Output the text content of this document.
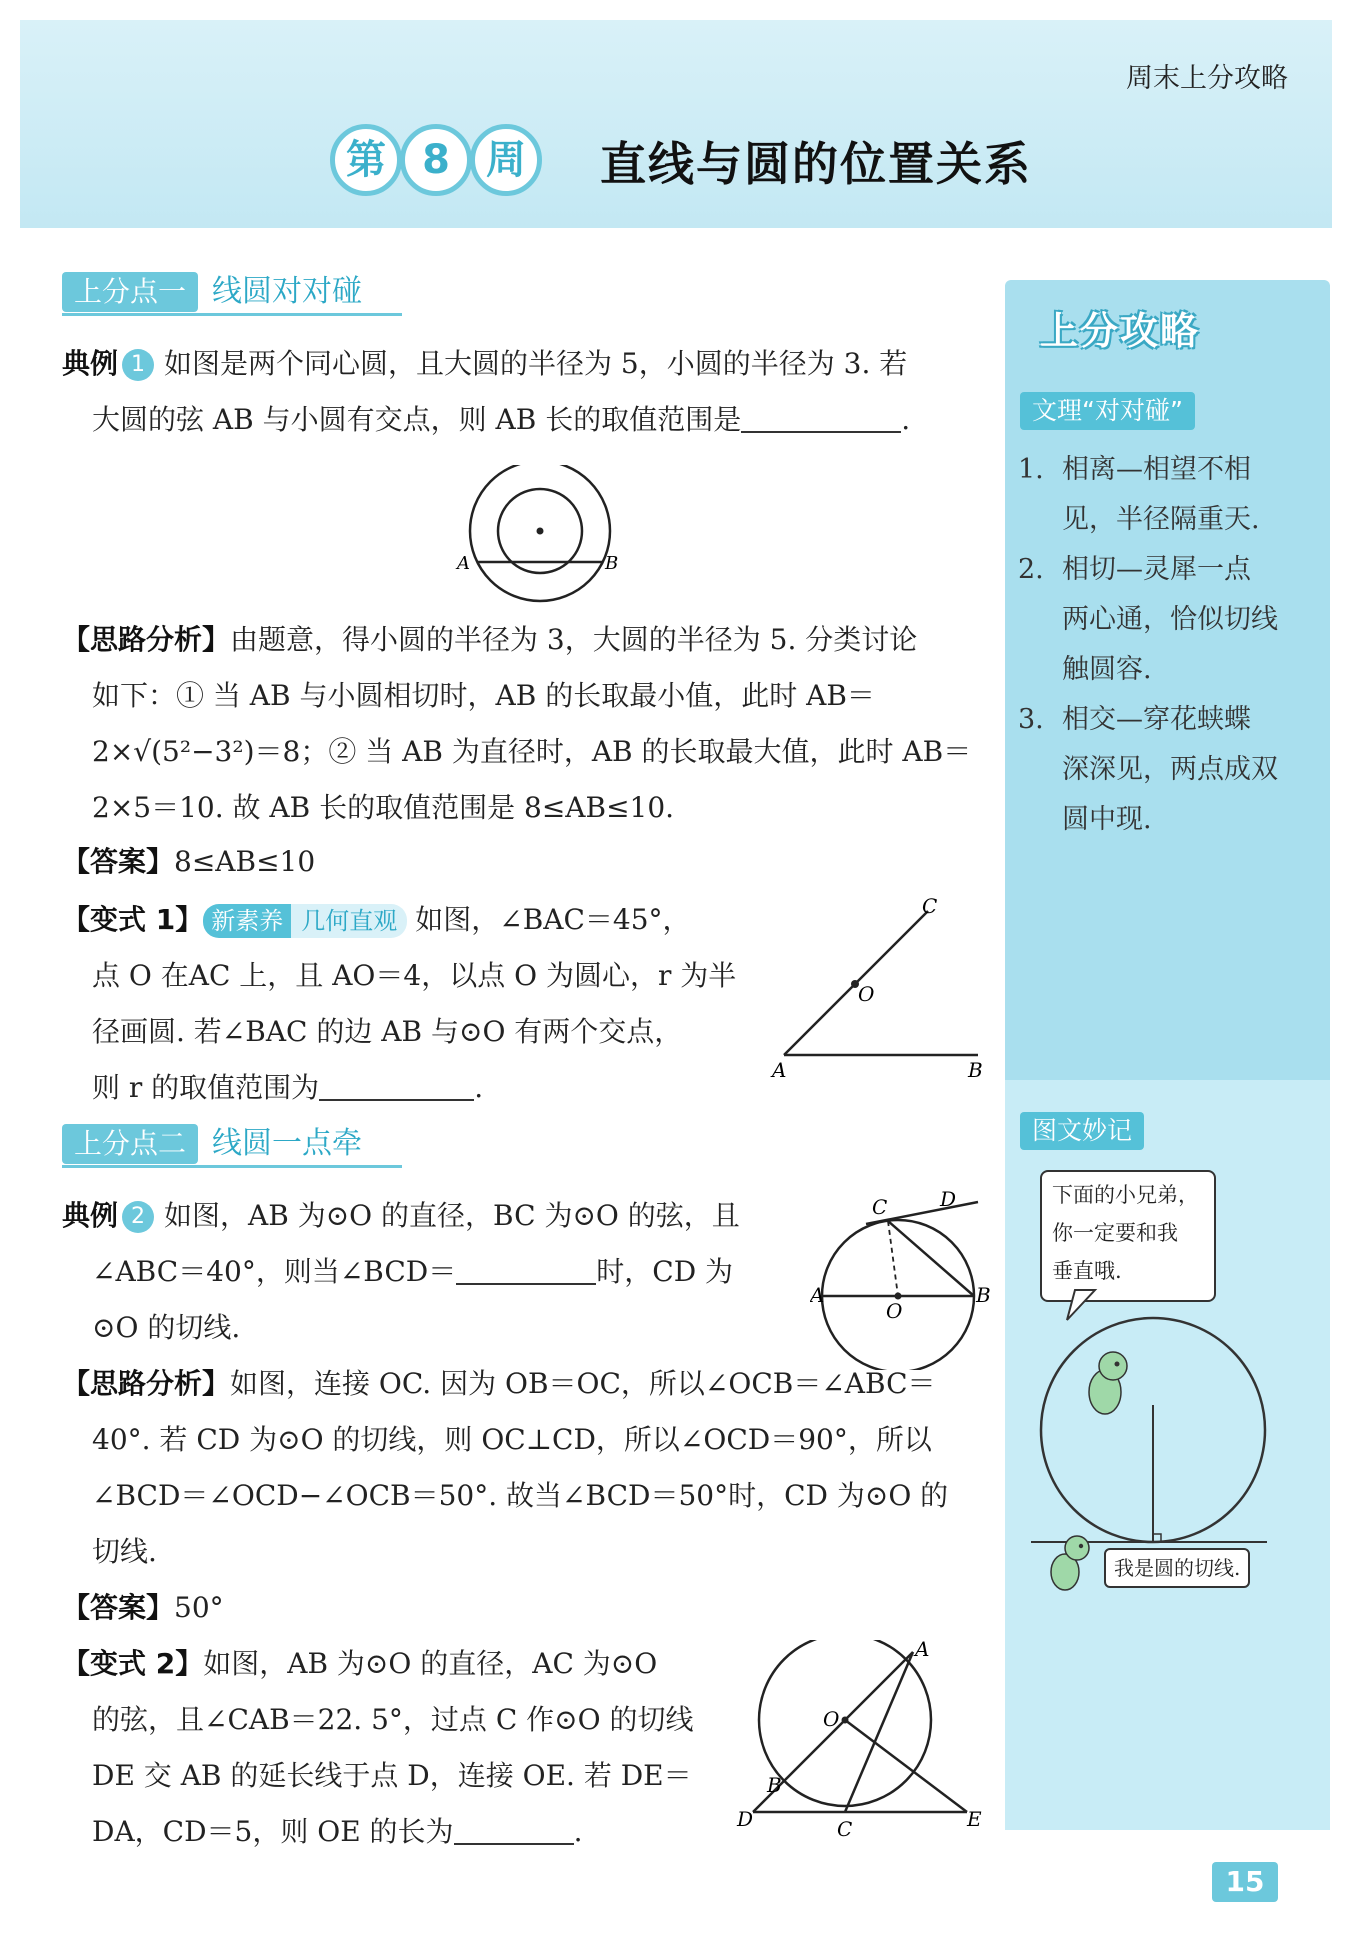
周末上分攻略
第 8 周	直线与圆的位置关系
上分攻略
文理“对对碰”
1. 相离—相望不相
见，半径隔重天.
2. 相切—灵犀一点
两心通，恰似切线
触圆容.
3. 相交—穿花蛱蝶
深深见，两点成双
圆中现.
图文妙记
下面的小兄弟，
你一定要和我
垂直哦.
我是圆的切线.
上分点一 线圆对对碰
典例 1 如图是两个同心圆，且大圆的半径为 5，小圆的半径为 3. 若
大圆的弦 AB 与小圆有交点，则 AB 长的取值范围是	.
A	B
【思路分析】由题意，得小圆的半径为 3，大圆的半径为 5. 分类讨论
如下：① 当 AB 与小圆相切时，AB 的长取最小值，此时 AB＝
2×√(5²−3²)＝8；② 当 AB 为直径时，AB 的长取最大值，此时 AB＝
2×5＝10. 故 AB 长的取值范围是 8≤AB≤10.
【答案】8≤AB≤10
【变式 1】 新素养 几何直观 如图，∠BAC＝45°，
点 O 在AC 上，且 AO＝4，以点 O 为圆心，r 为半
径画圆. 若∠BAC 的边 AB 与⊙O 有两个交点，
则 r 的取值范围为	.
C
O
A	B
上分点二 线圆一点牵
典例 2 如图，AB 为⊙O 的直径，BC 为⊙O 的弦，且
∠ABC＝40°，则当∠BCD＝	时，CD 为
⊙O 的切线.
C	D
A
O
B
【思路分析】如图，连接 OC. 因为 OB＝OC，所以∠OCB＝∠ABC＝
40°. 若 CD 为⊙O 的切线，则 OC⊥CD，所以∠OCD＝90°，所以
∠BCD＝∠OCD−∠OCB＝50°. 故当∠BCD＝50°时，CD 为⊙O 的
切线.
【答案】50°
【变式 2】如图，AB 为⊙O 的直径，AC 为⊙O
的弦，且∠CAB＝22. 5°，过点 C 作⊙O 的切线
DE 交 AB 的延长线于点 D，连接 OE. 若 DE＝
DA，CD＝5，则 OE 的长为	.
A
O
B
D	C	E
15
